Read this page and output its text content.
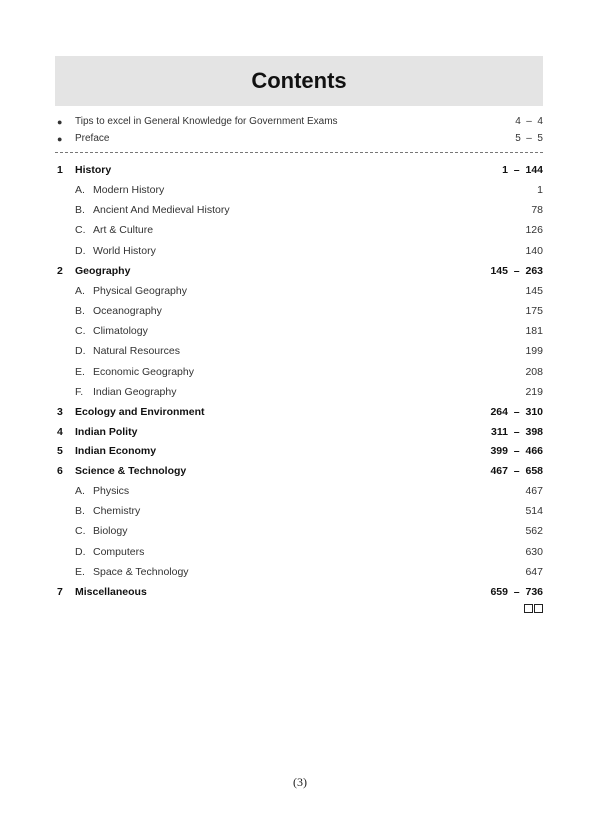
Contents
●	Tips to excel in General Knowledge for Government Exams	4  –  4
●	Preface	5  –  5
1	History	1  –  144
A. Modern History	1
B. Ancient And Medieval History	78
C. Art & Culture	126
D. World History	140
2	Geography	145  –  263
A. Physical Geography	145
B. Oceanography	175
C. Climatology	181
D. Natural Resources	199
E. Economic Geography	208
F. Indian Geography	219
3	Ecology and Environment	264  –  310
4	Indian Polity	311  –  398
5	Indian Economy	399  –  466
6	Science & Technology	467  –  658
A. Physics	467
B. Chemistry	514
C. Biology	562
D. Computers	630
E. Space & Technology	647
7	Miscellaneous	659  –  736
(3)
